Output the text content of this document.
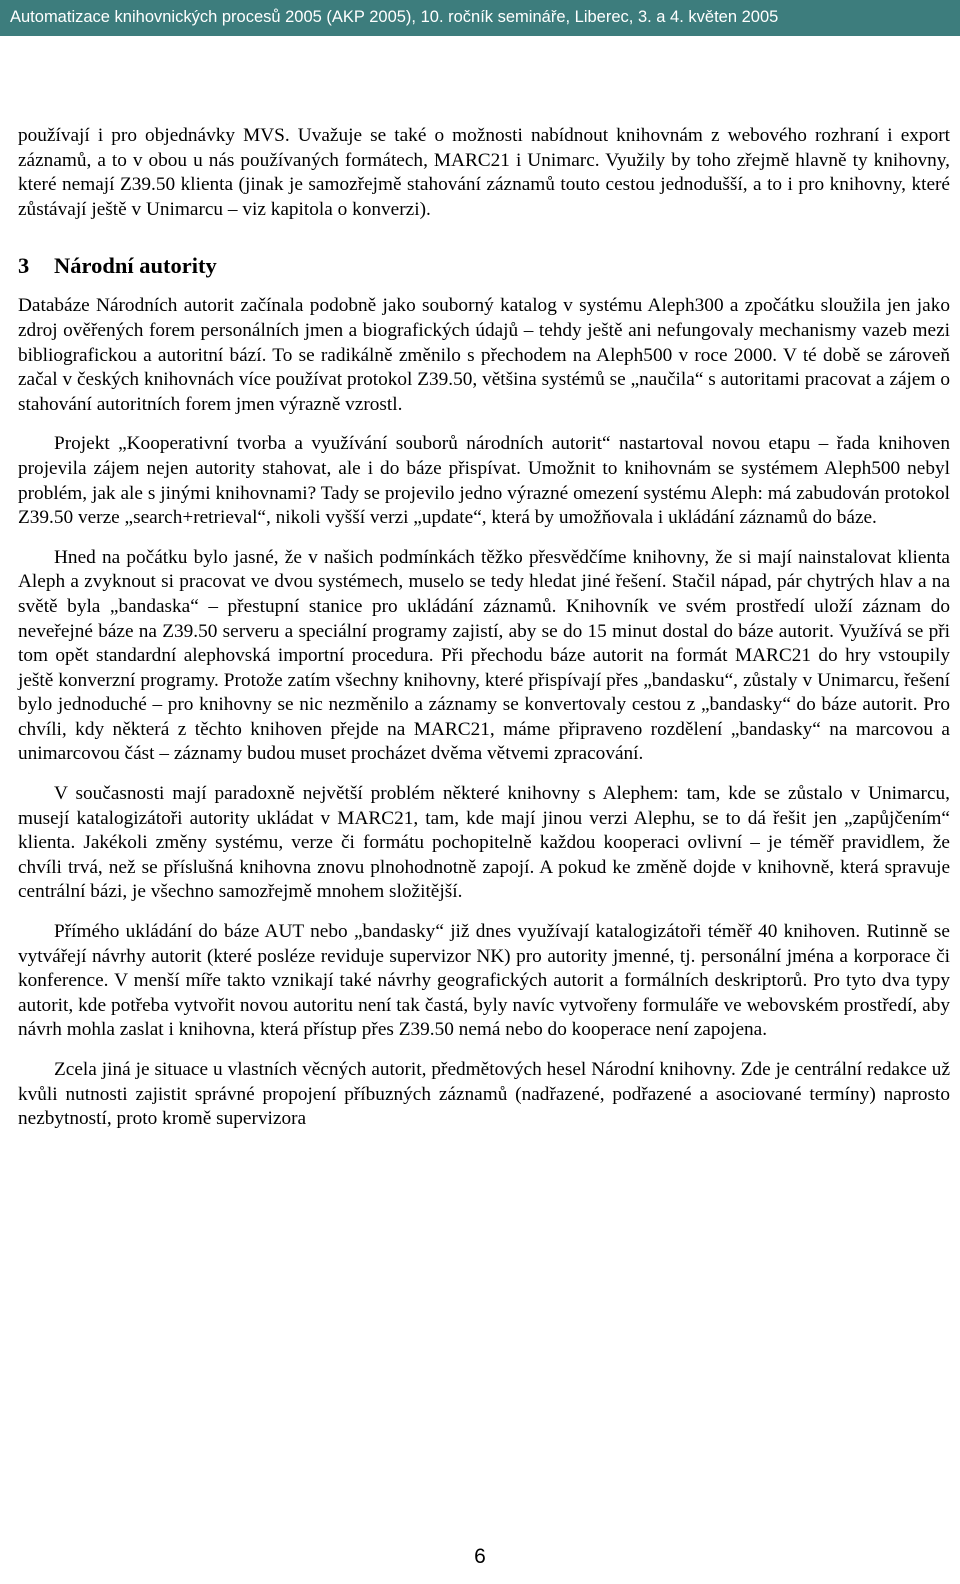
Automatizace knihovnických procesů 2005 (AKP 2005), 10. ročník semináře, Liberec, 3. a 4. květen 2005

používají i pro objednávky MVS. Uvažuje se také o možnosti nabídnout knihovnám z webového rozhraní i export záznamů, a to v obou u nás používaných formátech, MARC21 i Unimarc. Využily by toho zřejmě hlavně ty knihovny, které nemají Z39.50 klienta (jinak je samozřejmě stahování záznamů touto cestou jednodušší, a to i pro knihovny, které zůstávají ještě v Unimarcu – viz kapitola o konverzi).

3 Národní autority

Databáze Národních autorit začínala podobně jako souborný katalog v systému Aleph300 a zpočátku sloužila jen jako zdroj ověřených forem personálních jmen a biografických údajů – tehdy ještě ani nefungovaly mechanismy vazeb mezi bibliografickou a autoritní bází. To se radikálně změnilo s přechodem na Aleph500 v roce 2000. V té době se zároveň začal v českých knihovnách více používat protokol Z39.50, většina systémů se „naučila“ s autoritami pracovat a zájem o stahování autoritních forem jmen výrazně vzrostl.

Projekt „Kooperativní tvorba a využívání souborů národních autorit“ nastartoval novou etapu – řada knihoven projevila zájem nejen autority stahovat, ale i do báze přispívat. Umožnit to knihovnám se systémem Aleph500 nebyl problém, jak ale s jinými knihovnami? Tady se projevilo jedno výrazné omezení systému Aleph: má zabudován protokol Z39.50 verze „search+retrieval“, nikoli vyšší verzi „update“, která by umožňovala i ukládání záznamů do báze.

Hned na počátku bylo jasné, že v našich podmínkách těžko přesvědčíme knihovny, že si mají nainstalovat klienta Aleph a zvyknout si pracovat ve dvou systémech, muselo se tedy hledat jiné řešení. Stačil nápad, pár chytrých hlav a na světě byla „bandaska“ – přestupní stanice pro ukládání záznamů. Knihovník ve svém prostředí uloží záznam do neveřejné báze na Z39.50 serveru a speciální programy zajistí, aby se do 15 minut dostal do báze autorit. Využívá se při tom opět standardní alephovská importní procedura. Při přechodu báze autorit na formát MARC21 do hry vstoupily ještě konverzní programy. Protože zatím všechny knihovny, které přispívají přes „bandasku“, zůstaly v Unimarcu, řešení bylo jednoduché – pro knihovny se nic nezměnilo a záznamy se konvertovaly cestou z „bandasky“ do báze autorit. Pro chvíli, kdy některá z těchto knihoven přejde na MARC21, máme připraveno rozdělení „bandasky“ na marcovou a unimarcovou část – záznamy budou muset procházet dvěma větvemi zpracování.

V současnosti mají paradoxně největší problém některé knihovny s Alephem: tam, kde se zůstalo v Unimarcu, musejí katalogizátoři autority ukládat v MARC21, tam, kde mají jinou verzi Alephu, se to dá řešit jen „zapůjčením“ klienta. Jakékoli změny systému, verze či formátu pochopitelně každou kooperaci ovlivní – je téměř pravidlem, že chvíli trvá, než se příslušná knihovna znovu plnohodnotně zapojí. A pokud ke změně dojde v knihovně, která spravuje centrální bázi, je všechno samozřejmě mnohem složitější.

Přímého ukládání do báze AUT nebo „bandasky“ již dnes využívají katalogizátoři téměř 40 knihoven. Rutinně se vytvářejí návrhy autorit (které posléze reviduje supervizor NK) pro autority jmenné, tj. personální jména a korporace či konference. V menší míře takto vznikají také návrhy geografických autorit a formálních deskriptorů. Pro tyto dva typy autorit, kde potřeba vytvořit novou autoritu není tak častá, byly navíc vytvořeny formuláře ve webovském prostředí, aby návrh mohla zaslat i knihovna, která přístup přes Z39.50 nemá nebo do kooperace není zapojena.

Zcela jiná je situace u vlastních věcných autorit, předmětových hesel Národní knihovny. Zde je centrální redakce už kvůli nutnosti zajistit správné propojení příbuzných záznamů (nadřazené, podřazené a asociované termíny) naprosto nezbytností, proto kromě supervizora

6
